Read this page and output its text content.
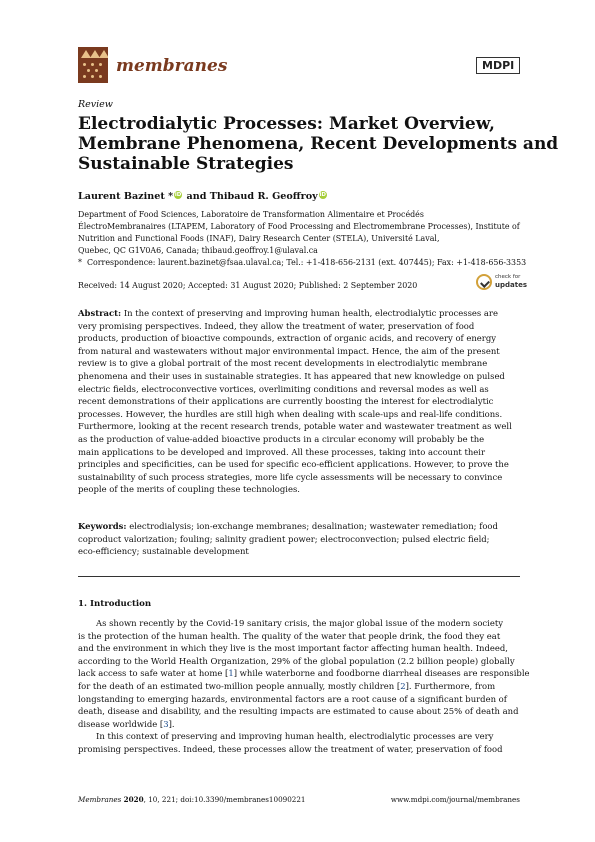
membranes	MDPI
Review
Electrodialytic Processes: Market Overview,
Membrane Phenomena, Recent Developments and
Sustainable Strategies
Laurent Bazinet * iD and Thibaud R. Geoffroy iD
Department of Food Sciences, Laboratoire de Transformation Alimentaire et Procédés
ÉlectroMembranaires (LTAPEM, Laboratory of Food Processing and Electromembrane Processes), Institute of
Nutrition and Functional Foods (INAF), Dairy Research Center (STELA), Université Laval,
Quebec, QC G1V0A6, Canada; thibaud.geoffroy.1@ulaval.ca
* Correspondence: laurent.bazinet@fsaa.ulaval.ca; Tel.: +1-418-656-2131 (ext. 407445); Fax: +1-418-656-3353
Received: 14 August 2020; Accepted: 31 August 2020; Published: 2 September 2020
check for
updates
Abstract: In the context of preserving and improving human health, electrodialytic processes are
very promising perspectives. Indeed, they allow the treatment of water, preservation of food
products, production of bioactive compounds, extraction of organic acids, and recovery of energy
from natural and wastewaters without major environmental impact. Hence, the aim of the present
review is to give a global portrait of the most recent developments in electrodialytic membrane
phenomena and their uses in sustainable strategies. It has appeared that new knowledge on pulsed
electric fields, electroconvective vortices, overlimiting conditions and reversal modes as well as
recent demonstrations of their applications are currently boosting the interest for electrodialytic
processes. However, the hurdles are still high when dealing with scale-ups and real-life conditions.
Furthermore, looking at the recent research trends, potable water and wastewater treatment as well
as the production of value-added bioactive products in a circular economy will probably be the
main applications to be developed and improved. All these processes, taking into account their
principles and specificities, can be used for specific eco-efficient applications. However, to prove the
sustainability of such process strategies, more life cycle assessments will be necessary to convince
people of the merits of coupling these technologies.
Keywords: electrodialysis; ion-exchange membranes; desalination; wastewater remediation; food
coproduct valorization; fouling; salinity gradient power; electroconvection; pulsed electric field;
eco-efficiency; sustainable development
1. Introduction
As shown recently by the Covid-19 sanitary crisis, the major global issue of the modern society
is the protection of the human health. The quality of the water that people drink, the food they eat
and the environment in which they live is the most important factor affecting human health. Indeed,
according to the World Health Organization, 29% of the global population (2.2 billion people) globally
lack access to safe water at home [1] while waterborne and foodborne diarrheal diseases are responsible
for the death of an estimated two-million people annually, mostly children [2]. Furthermore, from
longstanding to emerging hazards, environmental factors are a root cause of a significant burden of
death, disease and disability, and the resulting impacts are estimated to cause about 25% of death and
disease worldwide [3].
In this context of preserving and improving human health, electrodialytic processes are very
promising perspectives. Indeed, these processes allow the treatment of water, preservation of food
Membranes 2020, 10, 221; doi:10.3390/membranes10090221	www.mdpi.com/journal/membranes
